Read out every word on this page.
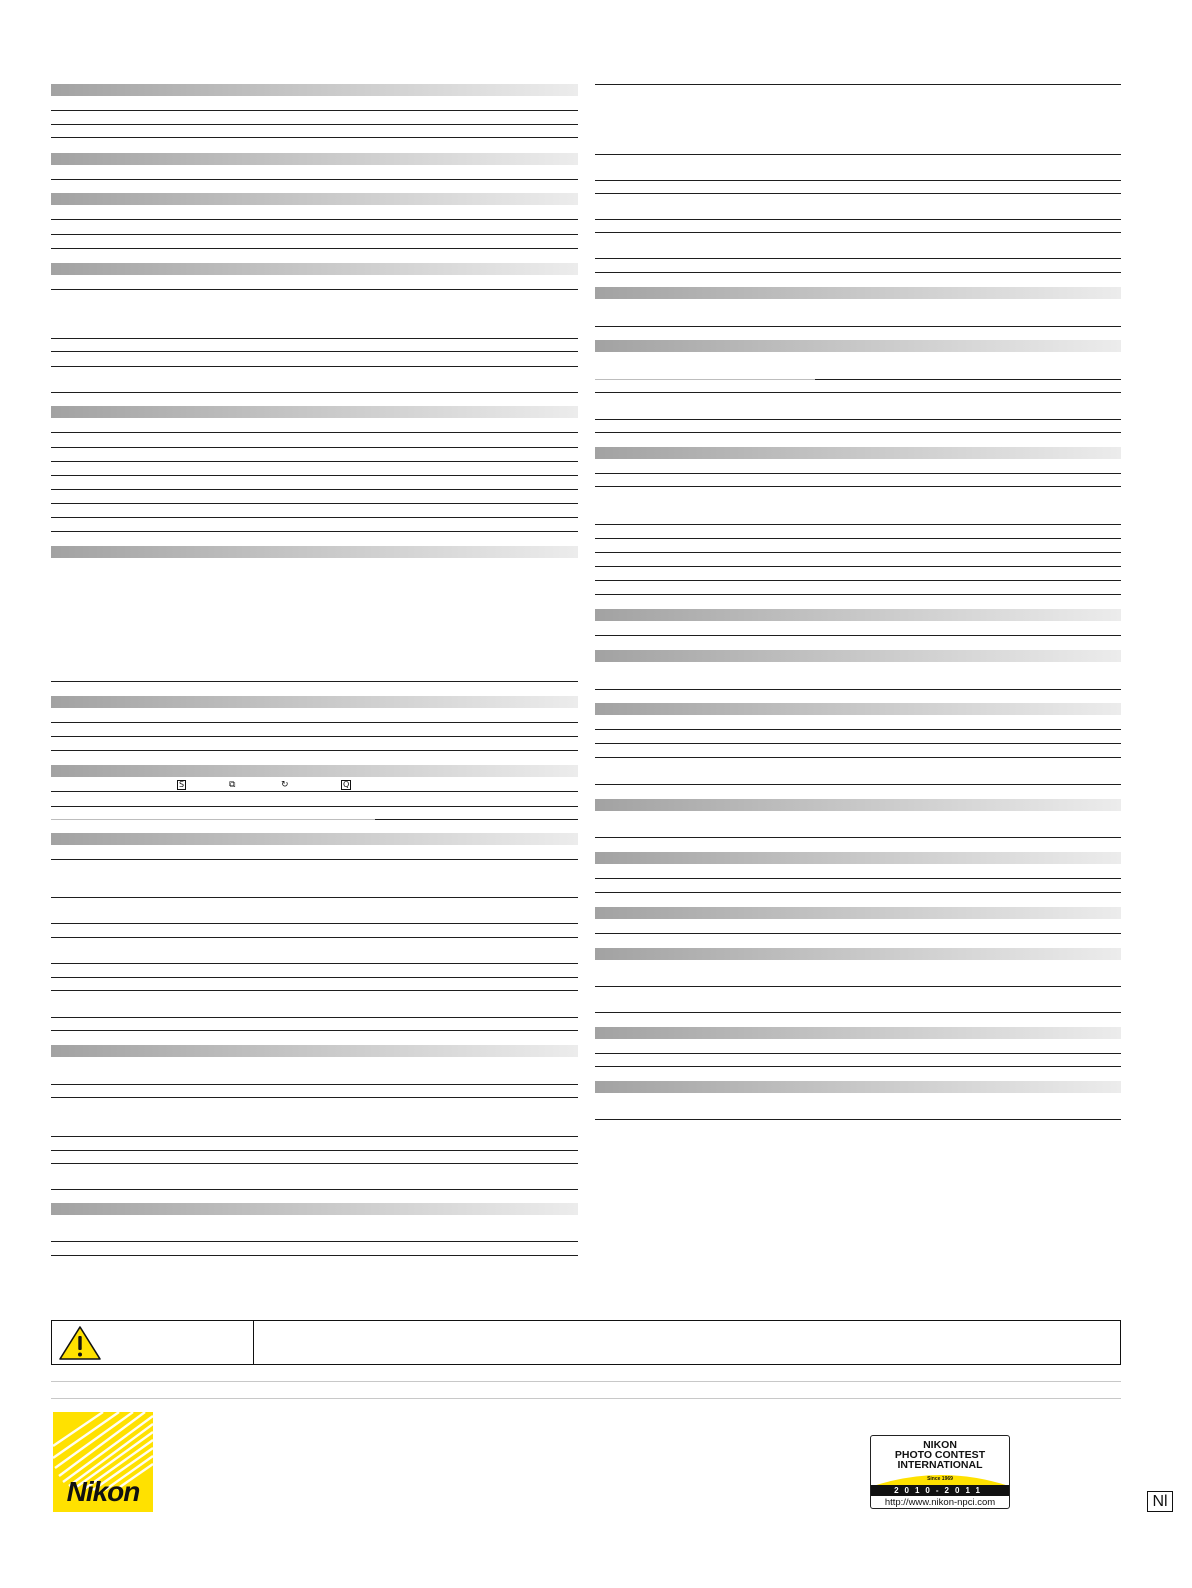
S	⧉	↻	Q
Nikon
NIKON
PHOTO CONTEST
INTERNATIONAL
Since 1969
2010-2011
http://www.nikon-npci.com	Nl
